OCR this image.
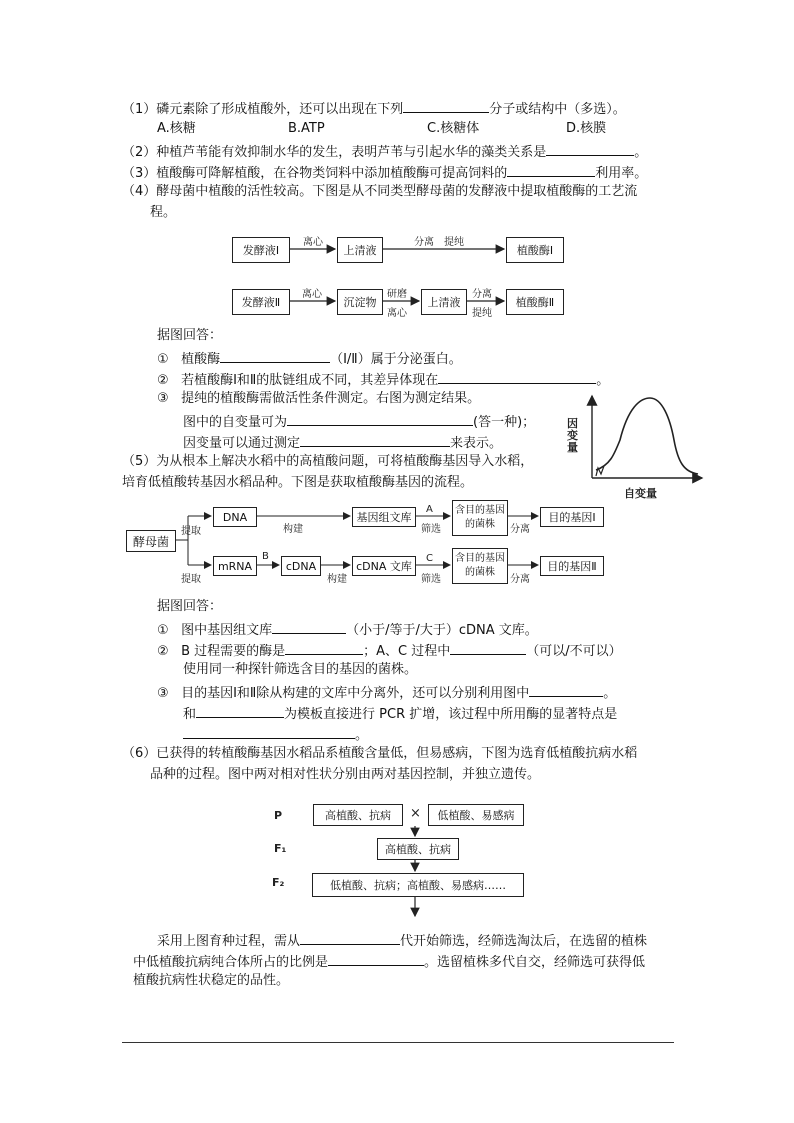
（1）磷元素除了形成植酸外，还可以出现在下列	分子或结构中（多选）。
A.核糖	B.ATP	C.核糖体	D.核膜
（2）种植芦苇能有效抑制水华的发生，表明芦苇与引起水华的藻类关系是	。
（3）植酸酶可降解植酸，在谷物类饲料中添加植酸酶可提高饲料的	利用率。
（4）酵母菌中植酸的活性较高。下图是从不同类型酵母菌的发酵液中提取植酸酶的工艺流
程。
发酵液Ⅰ
离心
上清液
分离　提纯
植酸酶Ⅰ
发酵液Ⅱ
离心
沉淀物
研磨
离心
上清液
分离
提纯
植酸酶Ⅱ
据图回答：
① 植酸酶	（Ⅰ/Ⅱ）属于分泌蛋白。
② 若植酸酶Ⅰ和Ⅱ的肽链组成不同，其差异体现在	。
③ 提纯的植酸酶需做活性条件测定。右图为测定结果。
图中的自变量可为	(答一种)；
因变量可以通过测定	来表示。
因变量
自变量
（5）为从根本上解决水稻中的高植酸问题，可将植酸酶基因导入水稻，
培育低植酸转基因水稻品种。下图是获取植酸酶基因的流程。
酵母菌
提取
DNA
构建
基因组文库
A
筛选
含目的基因的菌株	分离
目的基因Ⅰ
提取
mRNA
B
cDNA
构建
cDNA 文库
C
筛选
含目的基因的菌株
分离
目的基因Ⅱ
据图回答：
① 图中基因组文库	（小于/等于/大于）cDNA 文库。
② B 过程需要的酶是	；A、C 过程中	（可以/不可以）
使用同一种探针筛选含目的基因的菌株。
③ 目的基因Ⅰ和Ⅱ除从构建的文库中分离外，还可以分别利用图中	。
和	为模板直接进行 PCR 扩增，该过程中所用酶的显著特点是
。
（6）已获得的转植酸酶基因水稻品系植酸含量低，但易感病，下图为选育低植酸抗病水稻
品种的过程。图中两对相对性状分别由两对基因控制，并独立遗传。
P	高植酸、抗病	×	低植酸、易感病
F₁	高植酸、抗病
F₂	低植酸、抗病；高植酸、易感病……
采用上图育种过程，需从	代开始筛选，经筛选淘汰后，在选留的植株
中低植酸抗病纯合体所占的比例是	。选留植株多代自交，经筛选可获得低
植酸抗病性状稳定的品性。
